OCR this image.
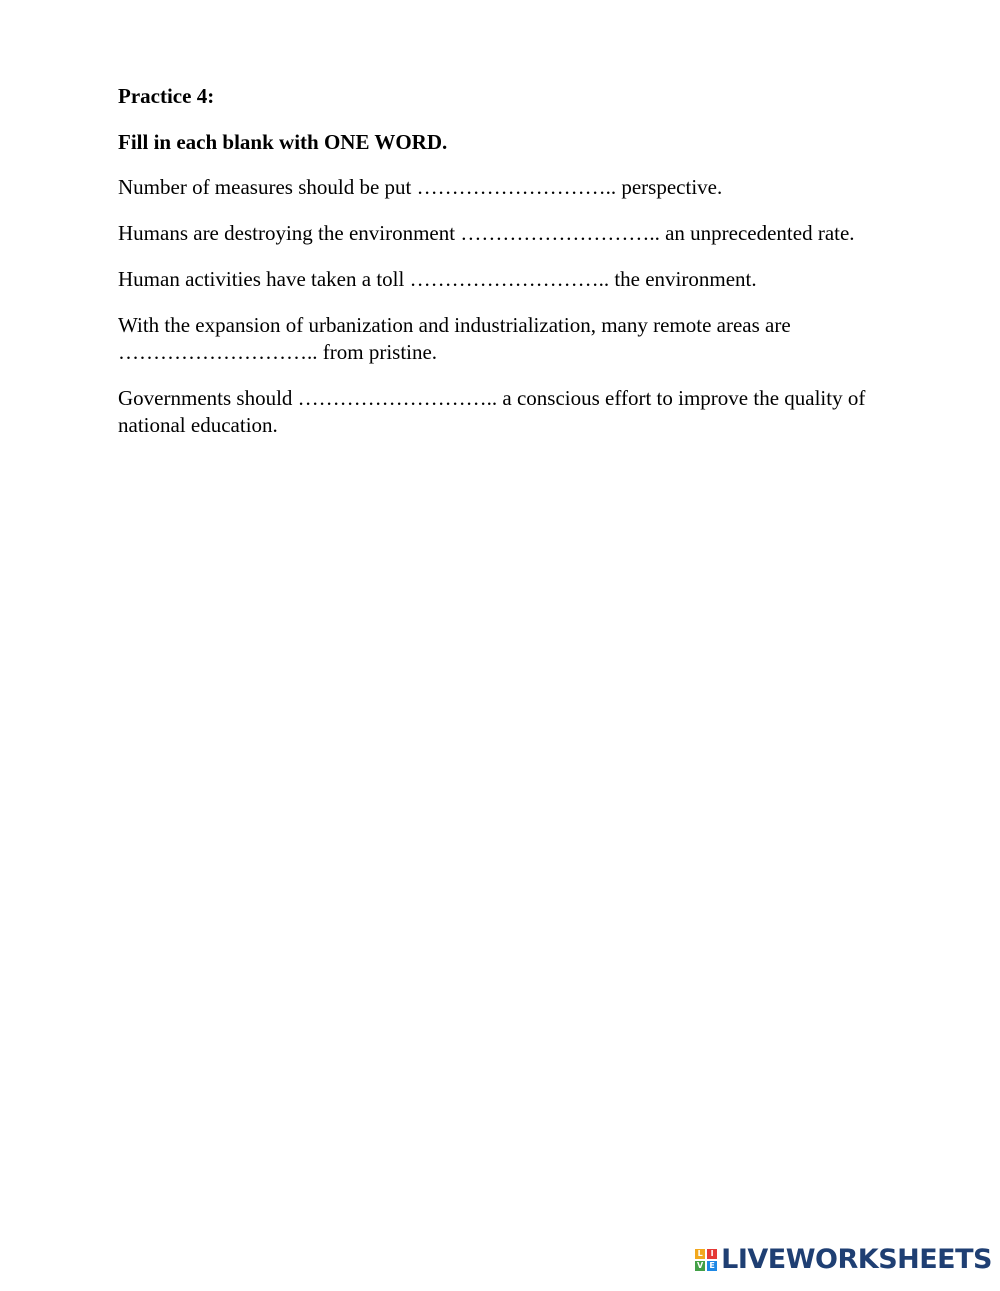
Practice 4:

Fill in each blank with ONE WORD.

Number of measures should be put ……………………….. perspective.

Humans are destroying the environment ……………………….. an unprecedented rate.

Human activities have taken a toll ……………………….. the environment.

With the expansion of urbanization and industrialization, many remote areas are ……………………….. from pristine.

Governments should ……………………….. a conscious effort to improve the quality of national education.

L I
V E LIVEWORKSHEETS
